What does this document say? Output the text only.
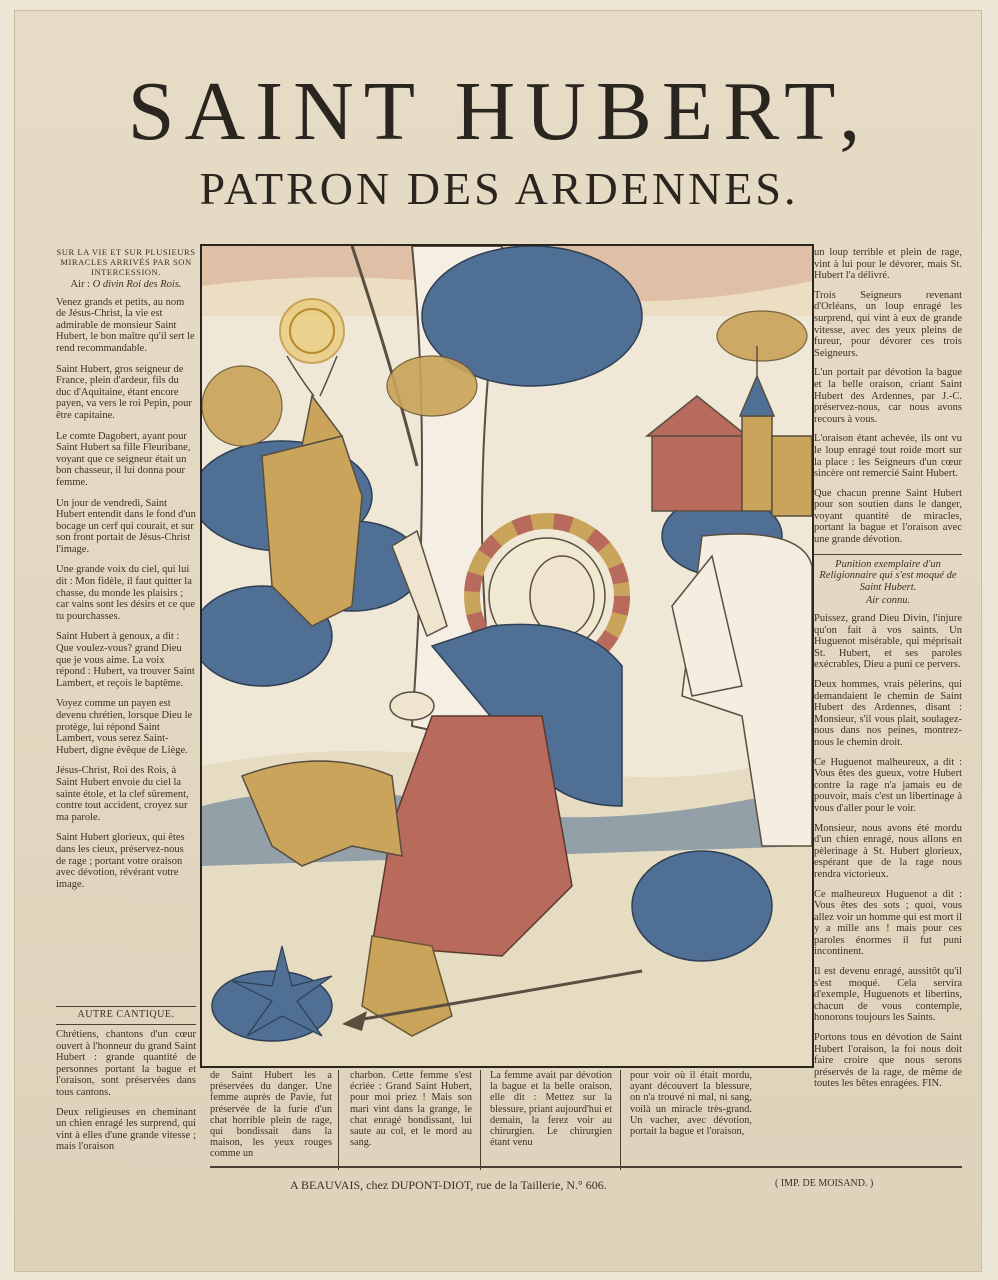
SAINT HUBERT,
PATRON DES ARDENNES.
SUR LA VIE ET SUR PLUSIEURS MIRACLES ARRIVÉS PAR SON INTERCESSION.
Air : O divin Roi des Rois.

Venez grands et petits, au nom de Jésus-Christ, la vie est admirable de monsieur Saint Hubert, le bon maître qu'il sert le rend recommandable.

Saint Hubert, gros seigneur de France, plein d'ardeur, fils du duc d'Aquitaine, étant encore payen, va vers le roi Pepin, pour être capitaine.

Le comte Dagobert, ayant pour Saint Hubert sa fille Fleuribane, voyant que ce seigneur était un bon chasseur, il lui donna pour femme.

Un jour de vendredi, Saint Hubert entendit dans le fond d'un bocage un cerf qui courait, et sur son front portait de Jésus-Christ l'image.

Une grande voix du ciel, qui lui dit : Mon fidèle, il faut quitter la chasse, du monde les plaisirs ; car vains sont les désirs et ce que tu pourchasses.

Saint Hubert à genoux, a dit : Que voulez-vous? grand Dieu que je vous aime. La voix répond : Hubert, va trouver Saint Lambert, et reçois le baptême.

Voyez comme un payen est devenu chrétien, lorsque Dieu le protège, lui répond Saint Lambert, vous serez Saint-Hubert, digne évêque de Liège.

Jésus-Christ, Roi des Rois, à Saint Hubert envoie du ciel la sainte étole, et la clef sûrement, contre tout accident, croyez sur ma parole.

Saint Hubert glorieux, qui êtes dans les cieux, préservez-nous de rage ; portant votre oraison avec dévotion, révérant votre image.

AUTRE CANTIQUE.

Chrétiens, chantons d'un cœur ouvert à l'honneur du grand Saint Hubert : grande quantité de personnes portant la bague et l'oraison, sont préservées dans tous cantons.

Deux religieuses en cheminant un chien enragé les surprend, qui vint à elles d'une grande vitesse ; mais l'oraison

de Saint Hubert les a préservées du danger. Une femme auprès de Pavie, fut préservée de la furie d'un chat horrible plein de rage, qui bondissait dans la maison, les yeux rouges comme un

charbon. Cette femme s'est écriée : Grand Saint Hubert, pour moi priez ! Mais son mari vint dans la grange, le chat enragé bondissant, lui saute au col, et le mord au sang.

La femme avait par dévotion la bague et la belle oraison, elle dit : Mettez sur la blessure, priant aujourd'hui et demain, la ferez voir au chirurgien. Le chirurgien étant venu

pour voir où il était mordu, ayant découvert la blessure, on n'a trouvé ni mal, ni sang, voilà un miracle très-grand. Un vacher, avec dévotion, portait la bague et l'oraison,

un loup terrible et plein de rage, vint à lui pour le dévorer, mais St. Hubert l'a délivré.

Trois Seigneurs revenant d'Orléans, un loup enragé les surprend, qui vint à eux de grande vitesse, avec des yeux pleins de fureur, pour dévorer ces trois Seigneurs.

L'un portait par dévotion la bague et la belle oraison, criant Saint Hubert des Ardennes, par J.-C. préservez-nous, car nous avons recours à vous.

L'oraison étant achevée, ils ont vu le loup enragé tout roide mort sur la place : les Seigneurs d'un cœur sincère ont remercié Saint Hubert.

Que chacun prenne Saint Hubert pour son soutien dans le danger, voyant quantité de miracles, portant la bague et l'oraison avec une grande dévotion.

Punition exemplaire d'un Religionnaire qui s'est moqué de Saint Hubert.
Air connu.

Puissez, grand Dieu Divin, l'injure qu'on fait à vos saints. Un Huguenot misérable, qui méprisait St. Hubert, et ses paroles exécrables, Dieu a puni ce pervers.

Deux hommes, vrais pèlerins, qui demandaient le chemin de Saint Hubert des Ardennes, disant : Monsieur, s'il vous plait, soulagez-nous dans nos peines, montrez-nous le chemin droit.

Ce Huguenot malheureux, a dit : Vous êtes des gueux, votre Hubert contre la rage n'a jamais eu de pouvoir, mais c'est un libertinage à vous d'aller pour le voir.

Monsieur, nous avons été mordu d'un chien enragé, nous allons en pèlerinage à St. Hubert glorieux, espérant que de la rage nous rendra victorieux.

Ce malheureux Huguenot a dit : Vous êtes des sots ; quoi, vous allez voir un homme qui est mort il y a mille ans ! mais pour ces paroles énormes il fut puni incontinent.

Il est devenu enragé, aussitôt qu'il s'est moqué. Cela servira d'exemple, Huguenots et libertins, chacun de vous contemple, honorons toujours les Saints.

Portons tous en dévotion de Saint Hubert l'oraison, la foi nous doit faire croire que nous serons préservés de la rage, de même de toutes les bêtes enragées. FIN.

A BEAUVAIS, chez DUPONT-DIOT, rue de la Taillerie, N.° 606.	( IMP. DE MOISAND. )
